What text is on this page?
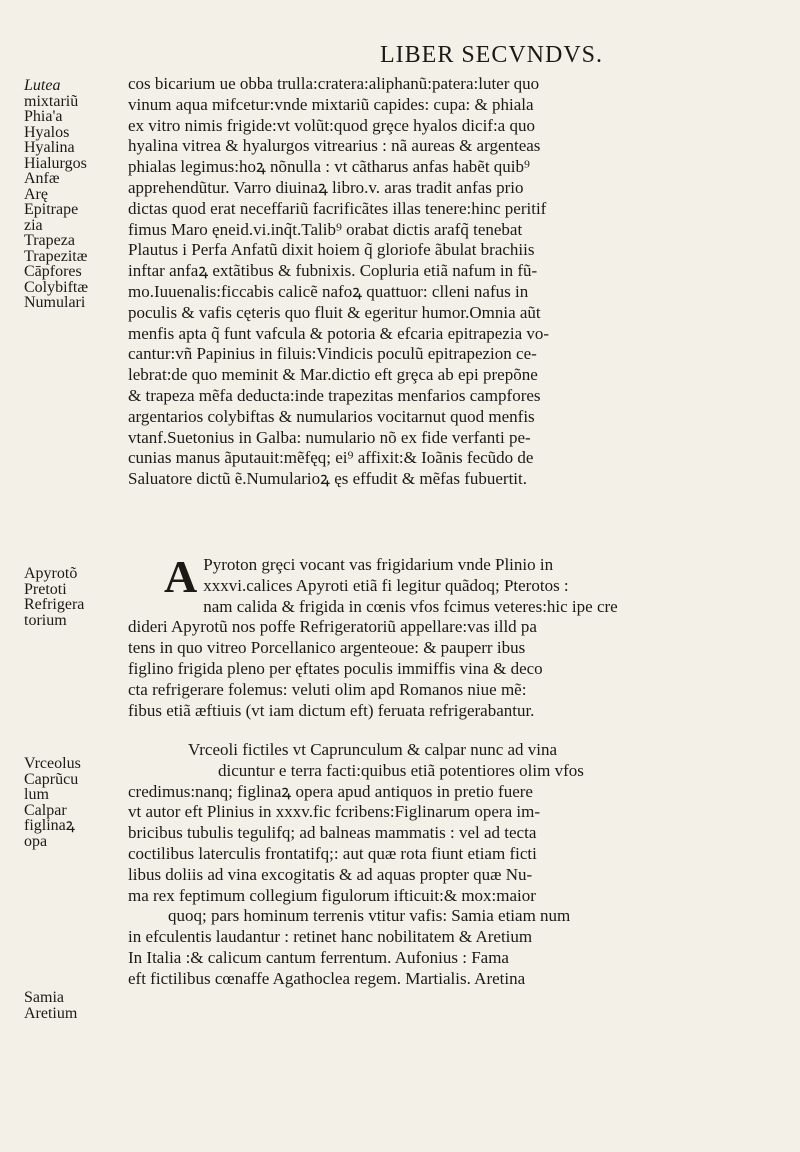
LIBER SECVNDVS.
Lutea
mixtariũ
Phia'a
Hyalos
Hyalina
Hialurgos
Anfæ
Arę
Epitrape
zia
Trapeza
Trapezitæ
Cāpfores
Colybiftæ
Numulari
Apyrotõ
Pretoti
Refrigera
torium
Vrceolus
Caprũcu
lum
Calpar
figlinaꝝ
opa
Samia
Aretium
cos bicarium ue obba trulla:cratera:aliphanũ:patera:luter quo
vinum aqua mifcetur:vnde mixtariũ capides: cupa: & phiala
ex vitro nimis frigide:vt volũt:quod grȩce hyalos dicif:a quo
hyalina vitrea & hyalurgos vitrearius : nã aureas & argenteas
phialas legimus:hoꝝ nõnulla : vt cãtharus anfas habẽt quib⁹
apprehendũtur. Varro diuinaꝝ libro.v. aras tradit anfas prio
dictas quod erat neceffariũ facrificãtes illas tenere:hinc peritif
fimus Maro ęneid.vi.inq̃t.Talib⁹ orabat dictis arafq̃ tenebat
Plautus i Perfa Anfatũ dixit hoiem q̃ gloriofe ãbulat brachiis
inftar anfaꝝ extãtibus & fubnixis. Copluria etiã nafum in fũ-
mo.Iuuenalis:ficcabis calicẽ nafoꝝ quattuor: clleni nafus in
poculis & vafis cęteris quo fluit & egeritur humor.Omnia aũt
menfis apta q̃ funt vafcula & potoria & efcaria epitrapezia vo-
cantur:vñ Papinius in filuis:Vindicis poculũ epitrapezion ce-
lebrat:de quo meminit & Mar.dictio eft grȩca ab epi prepõne
& trapeza mẽfa deducta:inde trapezitas menfarios campfores
argentarios colybiftas & numularios vocitarnut quod menfis
vtanf.Suetonius in Galba: numulario nõ ex fide verfanti pe-
cunias manus ãputauit:mẽfęq; ei⁹ affixit:& Ioãnis fecũdo de
Saluatore dictũ ẽ.Numularioꝝ ęs effudit & mẽfas fubuertit.
A Pyroton grȩci vocant vas frigidarium vnde Plinio in
xxxvi.calices Apyroti etiã fi legitur quãdoq; Pterotos :
nam calida & frigida in cœnis vfos fcimus veteres:hic ipe cre
dideri Apyrotũ nos poffe Refrigeratoriũ appellare:vas illd pa
tens in quo vitreo Porcellanico argenteoue: & pauperr ibus
figlino frigida pleno per ęftates poculis immiffis vina & deco
cta refrigerare folemus: veluti olim apd Romanos niue mẽ:
fibus etiã æftiuis (vt iam dictum eft) feruata refrigerabantur.
Vrceoli fictiles vt Caprunculum & calpar nunc ad vina
dicuntur e terra facti:quibus etiã potentiores olim vfos
credimus:nanq; figlinaꝝ opera apud antiquos in pretio fuere
vt autor eft Plinius in xxxv.fic fcribens:Figlinarum opera im-
bricibus tubulis tegulifq; ad balneas mammatis : vel ad tecta
coctilibus laterculis frontatifq;: aut quæ rota fiunt etiam ficti
libus doliis ad vina excogitatis & ad aquas propter quæ Nu-
ma rex feptimum collegium figulorum ifticuit:& mox:maior
quoq; pars hominum terrenis vtitur vafis: Samia etiam num
in efculentis laudantur : retinet hanc nobilitatem & Aretium
In Italia :& calicum cantum ferrentum. Aufonius : Fama
eft fictilibus cœnaffe Agathoclea regem. Martialis. Aretina
